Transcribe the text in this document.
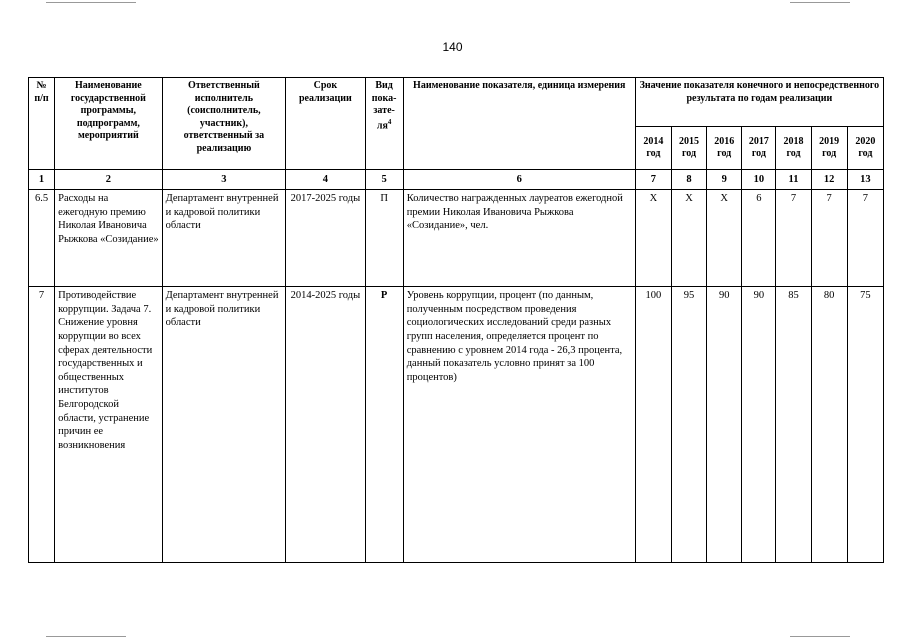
140
№ п/п	Наименование государственной программы, подпрограмм, мероприятий	Ответственный исполнитель (соисполнитель, участник), ответственный за реализацию	Срок реализации	Вид пока-$зате-ля^4$	Наименование показателя, единица измерения	Значение показателя конечного и непосредственного результата по годам реализации						
						2014 год	2015 год	2016 год	2017 год	2018 год	2019 год	2020 год
1	2	3	4	5	6	7	8	9	10	11	12	13
6.5	Расходы на ежегодную премию Николая Ивановича Рыжкова «Созидание»	Департамент внутренней и кадровой политики области	2017-2025 годы	П	Количество награжденных лауреатов ежегодной премии Николая Ивановича Рыжкова «Созидание», чел.	Х	Х	Х	6	7	7	7
7	Противодействие коррупции. Задача 7. Снижение уровня коррупции во всех сферах деятельности государственных и общественных институтов Белгородской области, устранение причин ее возникновения	Департамент внутренней и кадровой политики области	2014-2025 годы	Р	Уровень коррупции, процент (по данным, полученным посредством проведения социологических исследований среди разных групп населения, определяется процент по сравнению с уровнем 2014 года - 26,3 процента, данный показатель условно принят за 100 процентов)	100	95	90	90	85	80	75
